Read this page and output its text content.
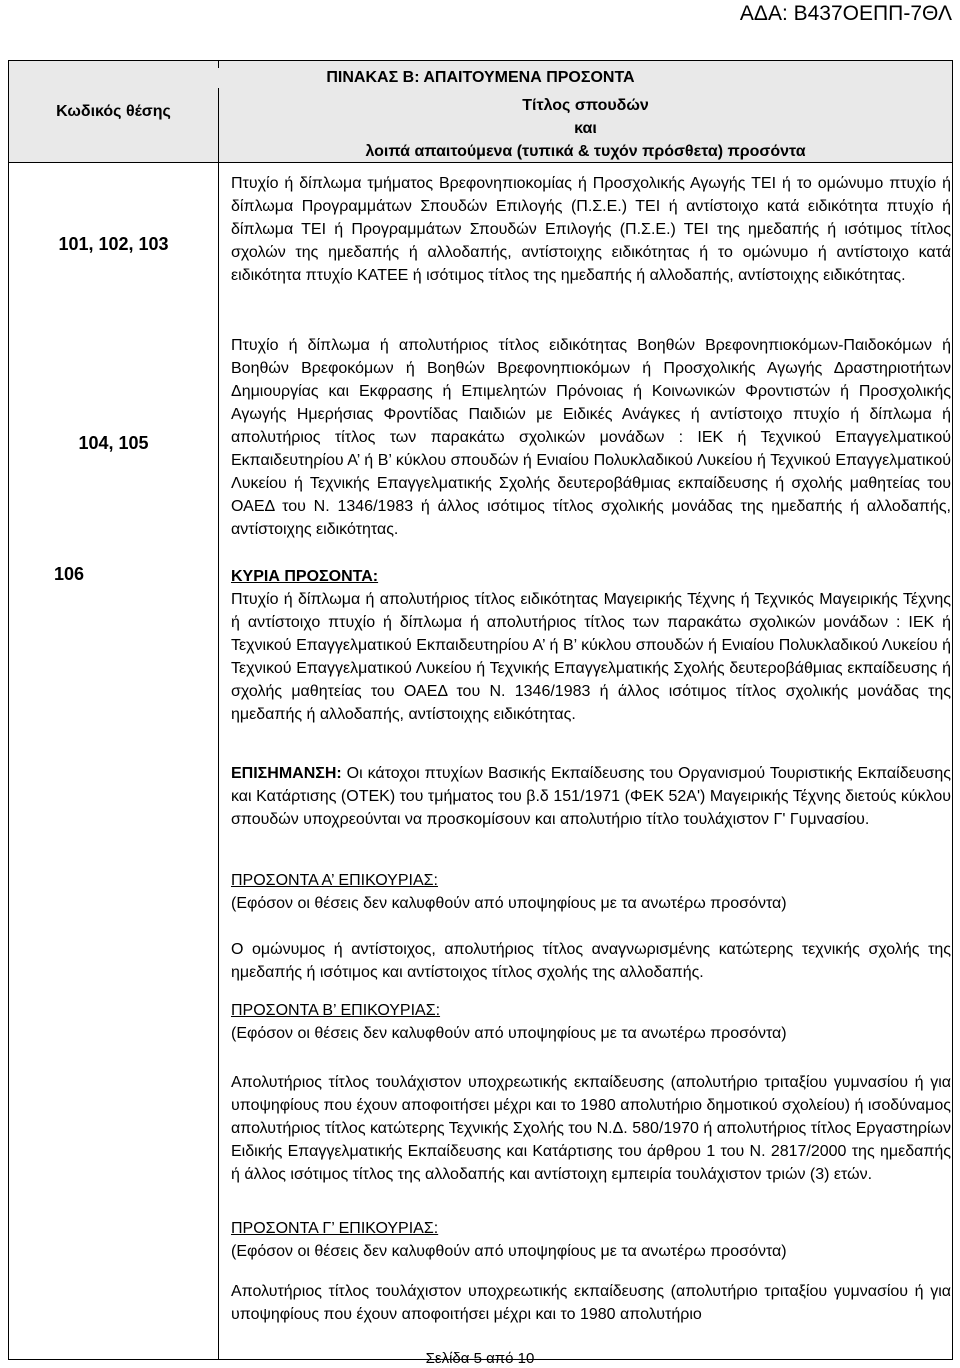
ΑΔΑ: Β437ΟΕΠΠ-7ΘΛ
Κωδικός θέσης	Τίτλος σπουδών
και
λοιπά απαιτούμενα (τυπικά & τυχόν πρόσθετα) προσόντα
ΠΙΝΑΚΑΣ Β: ΑΠΑΙΤΟΥΜΕΝΑ ΠΡΟΣΟΝΤΑ
101, 102, 103
Πτυχίο ή δίπλωμα τμήματος Βρεφονηπιοκομίας ή Προσχολικής Αγωγής ΤΕΙ ή το ομώνυμο πτυχίο ή δίπλωμα Προγραμμάτων Σπουδών Επιλογής (Π.Σ.Ε.) ΤΕΙ ή αντίστοιχο κατά ειδικότητα πτυχίο ή δίπλωμα ΤΕΙ ή Προγραμμάτων Σπουδών Επιλογής (Π.Σ.Ε.) ΤΕΙ της ημεδαπής ή ισότιμος τίτλος σχολών της ημεδαπής ή αλλοδαπής, αντίστοιχης ειδικότητας ή το ομώνυμο ή αντίστοιχο κατά ειδικότητα πτυχίο ΚΑΤΕΕ ή ισότιμος τίτλος της ημεδαπής ή αλλοδαπής, αντίστοιχης ειδικότητας.
104, 105
Πτυχίο ή δίπλωμα ή απολυτήριος τίτλος ειδικότητας Βοηθών Βρεφονηπιοκόμων-Παιδοκόμων ή Βοηθών Βρεφοκόμων ή Βοηθών Βρεφονηπιοκόμων ή Προσχολικής Αγωγής Δραστηριοτήτων Δημιουργίας και Εκφρασης ή Επιμελητών Πρόνοιας ή Κοινωνικών Φροντιστών ή Προσχολικής Αγωγής Ημερήσιας Φροντίδας Παιδιών με Ειδικές Ανάγκες ή αντίστοιχο πτυχίο ή δίπλωμα ή απολυτήριος τίτλος των παρακάτω σχολικών μονάδων : ΙΕΚ ή Τεχνικού Επαγγελματικού Εκπαιδευτηρίου Α’ ή Β’ κύκλου σπουδών ή Ενιαίου Πολυκλαδικού Λυκείου ή Τεχνικού Επαγγελματικού Λυκείου ή Τεχνικής Επαγγελματικής Σχολής δευτεροβάθμιας εκπαίδευσης ή σχολής μαθητείας του ΟΑΕΔ του Ν. 1346/1983 ή άλλος ισότιμος τίτλος σχολικής μονάδας της ημεδαπής ή αλλοδαπής, αντίστοιχης ειδικότητας.
106	ΚΥΡΙΑ ΠΡΟΣΟΝΤΑ:
Πτυχίο ή δίπλωμα ή απολυτήριος τίτλος ειδικότητας Μαγειρικής Τέχνης ή Τεχνικός Μαγειρικής Τέχνης ή αντίστοιχο πτυχίο ή δίπλωμα ή απολυτήριος τίτλος των παρακάτω σχολικών μονάδων : ΙΕΚ ή Τεχνικού Επαγγελματικού Εκπαιδευτηρίου Α’ ή Β’ κύκλου σπουδών ή Ενιαίου Πολυκλαδικού Λυκείου ή Τεχνικού Επαγγελματικού Λυκείου ή Τεχνικής Επαγγελματικής Σχολής δευτεροβάθμιας εκπαίδευσης ή σχολής μαθητείας του ΟΑΕΔ του Ν. 1346/1983 ή άλλος ισότιμος τίτλος σχολικής μονάδας της ημεδαπής ή αλλοδαπής, αντίστοιχης ειδικότητας.
ΕΠΙΣΗΜΑΝΣΗ: Οι κάτοχοι πτυχίων Βασικής Εκπαίδευσης του Οργανισμού Τουριστικής Εκπαίδευσης και Κατάρτισης (ΟΤΕΚ) του τμήματος του β.δ 151/1971 (ΦΕΚ 52Α') Μαγειρικής Τέχνης διετούς κύκλου σπουδών υποχρεούνται να προσκομίσουν και απολυτήριο τίτλο τουλάχιστον Γ' Γυμνασίου.
ΠΡΟΣΟΝΤΑ Α’ ΕΠΙΚΟΥΡΙΑΣ:
(Εφόσον οι θέσεις δεν καλυφθούν από υποψηφίους με τα ανωτέρω προσόντα)
Ο ομώνυμος ή αντίστοιχος, απολυτήριος τίτλος αναγνωρισμένης κατώτερης τεχνικής σχολής της ημεδαπής ή ισότιμος και αντίστοιχος τίτλος σχολής της αλλοδαπής.
ΠΡΟΣΟΝΤΑ Β’ ΕΠΙΚΟΥΡΙΑΣ:
(Εφόσον οι θέσεις δεν καλυφθούν από υποψηφίους με τα ανωτέρω προσόντα)
Απολυτήριος τίτλος τουλάχιστον υποχρεωτικής εκπαίδευσης (απολυτήριο τριταξίου γυμνασίου ή για υποψηφίους που έχουν αποφοιτήσει μέχρι και το 1980 απολυτήριο δημοτικού σχολείου) ή ισοδύναμος απολυτήριος τίτλος κατώτερης Τεχνικής Σχολής του Ν.Δ. 580/1970 ή απολυτήριος τίτλος Εργαστηρίων Ειδικής Επαγγελματικής Εκπαίδευσης και Κατάρτισης του άρθρου 1 του Ν. 2817/2000 της ημεδαπής ή άλλος ισότιμος τίτλος της αλλοδαπής και αντίστοιχη εμπειρία τουλάχιστον τριών (3) ετών.
ΠΡΟΣΟΝΤΑ Γ’ ΕΠΙΚΟΥΡΙΑΣ:
(Εφόσον οι θέσεις δεν καλυφθούν από υποψηφίους με τα ανωτέρω προσόντα)
Απολυτήριος τίτλος τουλάχιστον υποχρεωτικής εκπαίδευσης (απολυτήριο τριταξίου γυμνασίου ή για υποψηφίους που έχουν αποφοιτήσει μέχρι και το 1980 απολυτήριο
Σελίδα 5 από 10
